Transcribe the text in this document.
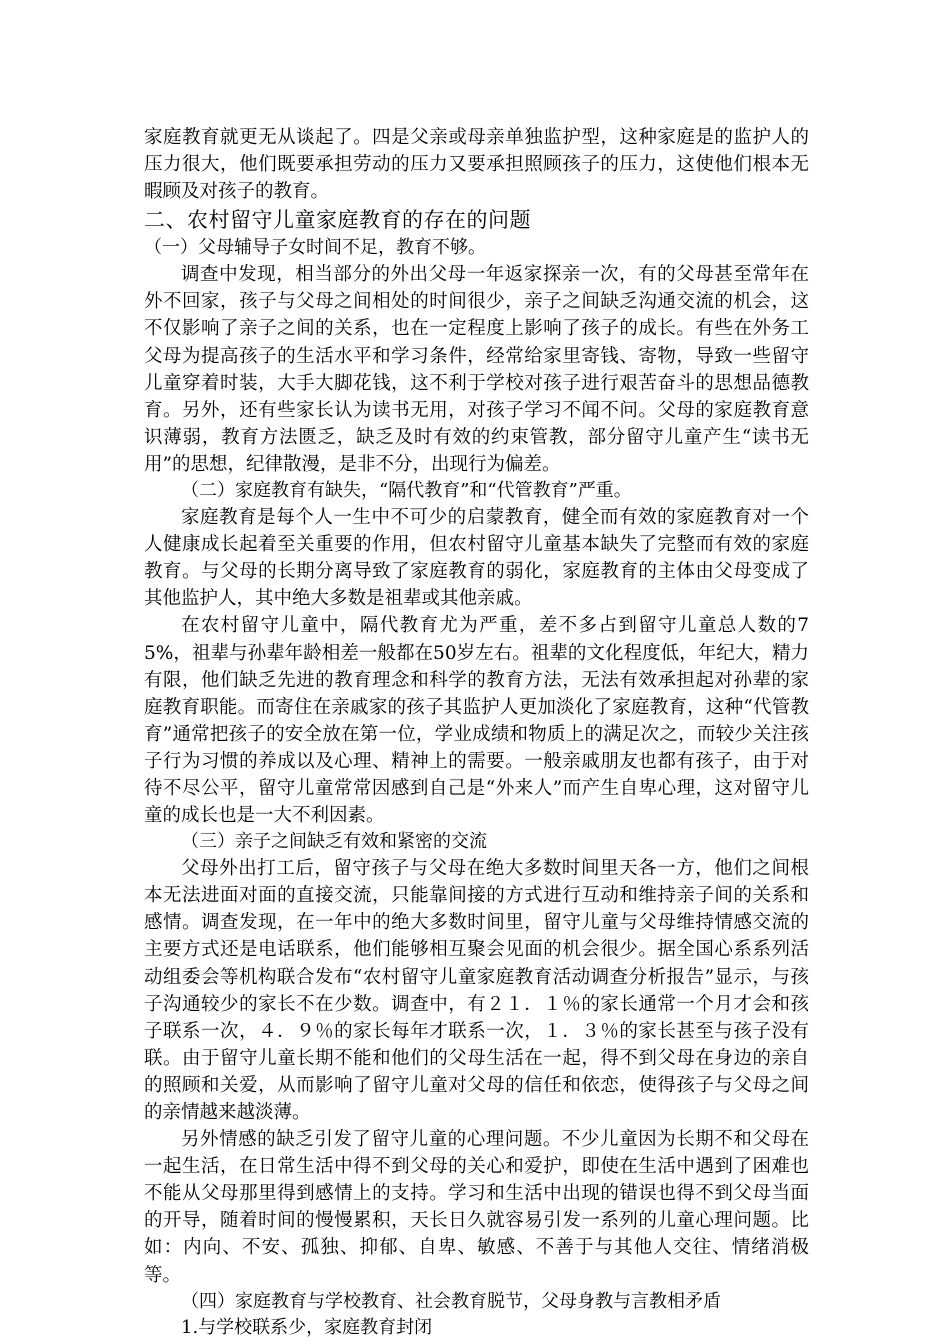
家庭教育就更无从谈起了。四是父亲或母亲单独监护型，这种家庭是的监护人的压力很大，他们既要承担劳动的压力又要承担照顾孩子的压力，这使他们根本无暇顾及对孩子的教育。

二、农村留守儿童家庭教育的存在的问题

（一）父母辅导子女时间不足，教育不够。

调查中发现，相当部分的外出父母一年返家探亲一次，有的父母甚至常年在外不回家，孩子与父母之间相处的时间很少，亲子之间缺乏沟通交流的机会，这不仅影响了亲子之间的关系，也在一定程度上影响了孩子的成长。有些在外务工父母为提高孩子的生活水平和学习条件，经常给家里寄钱、寄物，导致一些留守儿童穿着时装，大手大脚花钱，这不利于学校对孩子进行艰苦奋斗的思想品德教育。另外，还有些家长认为读书无用，对孩子学习不闻不问。父母的家庭教育意识薄弱，教育方法匮乏，缺乏及时有效的约束管教，部分留守儿童产生“读书无用”的思想，纪律散漫，是非不分，出现行为偏差。

（二）家庭教育有缺失，“隔代教育”和“代管教育”严重。

家庭教育是每个人一生中不可少的启蒙教育，健全而有效的家庭教育对一个人健康成长起着至关重要的作用，但农村留守儿童基本缺失了完整而有效的家庭教育。与父母的长期分离导致了家庭教育的弱化，家庭教育的主体由父母变成了其他监护人，其中绝大多数是祖辈或其他亲戚。

在农村留守儿童中，隔代教育尤为严重，差不多占到留守儿童总人数的75%，祖辈与孙辈年龄相差一般都在50岁左右。祖辈的文化程度低，年纪大，精力有限，他们缺乏先进的教育理念和科学的教育方法，无法有效承担起对孙辈的家庭教育职能。而寄住在亲戚家的孩子其监护人更加淡化了家庭教育，这种“代管教育”通常把孩子的安全放在第一位，学业成绩和物质上的满足次之，而较少关注孩子行为习惯的养成以及心理、精神上的需要。一般亲戚朋友也都有孩子，由于对待不尽公平，留守儿童常常因感到自己是“外来人”而产生自卑心理，这对留守儿童的成长也是一大不利因素。

（三）亲子之间缺乏有效和紧密的交流

父母外出打工后，留守孩子与父母在绝大多数时间里天各一方，他们之间根本无法进面对面的直接交流，只能靠间接的方式进行互动和维持亲子间的关系和感情。调查发现，在一年中的绝大多数时间里，留守儿童与父母维持情感交流的主要方式还是电话联系，他们能够相互聚会见面的机会很少。据全国心系系列活动组委会等机构联合发布“农村留守儿童家庭教育活动调查分析报告”显示，与孩子沟通较少的家长不在少数。调查中，有２１．１％的家长通常一个月才会和孩子联系一次，４．９％的家长每年才联系一次，１．３％的家长甚至与孩子没有联。由于留守儿童长期不能和他们的父母生活在一起，得不到父母在身边的亲自的照顾和关爱，从而影响了留守儿童对父母的信任和依恋，使得孩子与父母之间的亲情越来越淡薄。

另外情感的缺乏引发了留守儿童的心理问题。不少儿童因为长期不和父母在一起生活，在日常生活中得不到父母的关心和爱护，即使在生活中遇到了困难也不能从父母那里得到感情上的支持。学习和生活中出现的错误也得不到父母当面的开导，随着时间的慢慢累积，天长日久就容易引发一系列的儿童心理问题。比如：内向、不安、孤独、抑郁、自卑、敏感、不善于与其他人交往、情绪消极等。

（四）家庭教育与学校教育、社会教育脱节，父母身教与言教相矛盾

1.与学校联系少，家庭教育封闭
